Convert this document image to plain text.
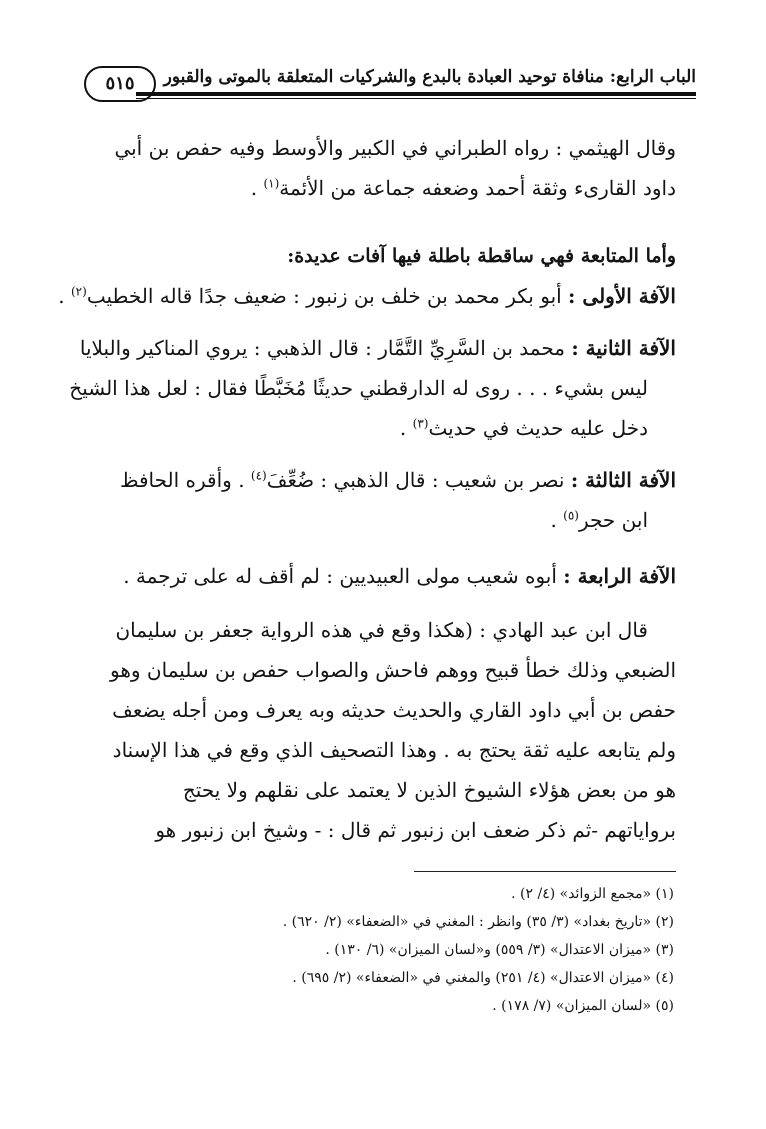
الباب الرابع: منافاة توحيد العبادة بالبدع والشركيات المتعلقة بالموتى والقبور
٥١٥
وقال الهيثمي : رواه الطبراني في الكبير والأوسط وفيه حفص بن أبي
داود القارىء وثقة أحمد وضعفه جماعة من الأئمة$^{(١)}$ .
وأما المتابعة فهي ساقطة باطلة فيها آفات عديدة:
الآفة الأولى : أبو بكر محمد بن خلف بن زنبور : ضعيف جدًا قاله الخطيب$^{(٢)}$ .
الآفة الثانية : محمد بن السَّرِيِّ التَّمَّار : قال الذهبي : يروي المناكير والبلايا
ليس بشيء . . . روى له الدارقطني حديثًا مُخَبَّطًا فقال : لعل هذا الشيخ
دخل عليه حديث في حديث$^{(٣)}$ .
الآفة الثالثة : نصر بن شعيب : قال الذهبي : ضُعِّفَ$^{(٤)}$ . وأقره الحافظ
ابن حجر$^{(٥)}$ .
الآفة الرابعة : أبوه شعيب مولى العبيديين : لم أقف له على ترجمة .
قال ابن عبد الهادي : (هكذا وقع في هذه الرواية جعفر بن سليمان
الضبعي وذلك خطأ قبيح ووهم فاحش والصواب حفص بن سليمان وهو
حفص بن أبي داود القاري والحديث حديثه وبه يعرف ومن أجله يضعف
ولم يتابعه عليه ثقة يحتج به . وهذا التصحيف الذي وقع في هذا الإسناد
هو من بعض هؤلاء الشيوخ الذين لا يعتمد على نقلهم ولا يحتج
برواياتهم -ثم ذكر ضعف ابن زنبور ثم قال : - وشيخ ابن زنبور هو
(١) «مجمع الزوائد» (٤/ ٢) .
(٢) «تاريخ بغداد» (٣/ ٣٥) وانظر : المغني في «الضعفاء» (٢/ ٦٢٠) .
(٣) «ميزان الاعتدال» (٣/ ٥٥٩) و«لسان الميزان» (٦/ ١٣٠) .
(٤) «ميزان الاعتدال» (٤/ ٢٥١) والمغني في «الضعفاء» (٢/ ٦٩٥) .
(٥) «لسان الميزان» (٧/ ١٧٨) .
